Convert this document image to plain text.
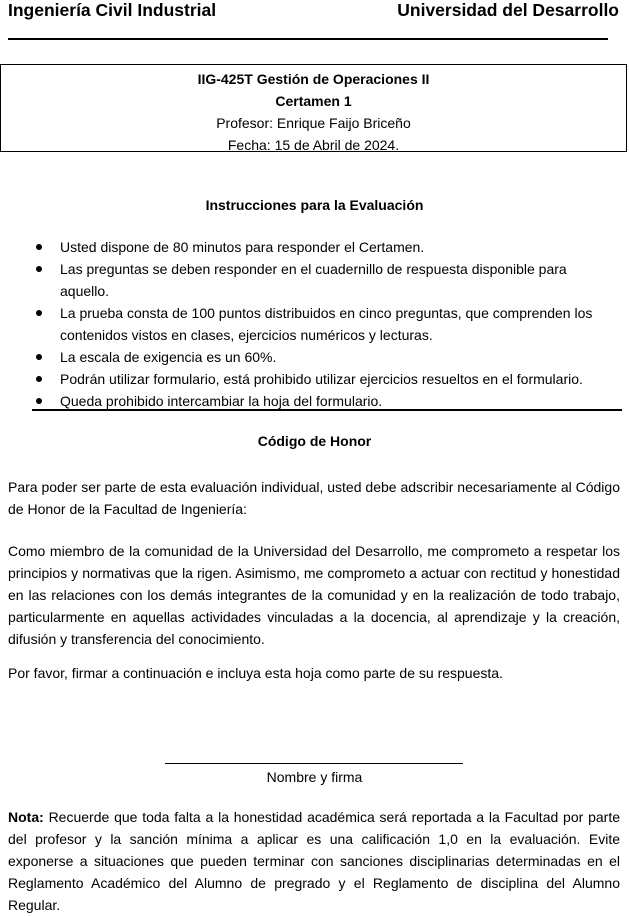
Ingeniería Civil Industrial	Universidad del Desarrollo
IIG-425T Gestión de Operaciones II
Certamen 1
Profesor: Enrique Faijo Briceño
Fecha: 15 de Abril de 2024.
Instrucciones para la Evaluación
Usted dispone de 80 minutos para responder el Certamen.
Las preguntas se deben responder en el cuadernillo de respuesta disponible para aquello.
La prueba consta de 100 puntos distribuidos en cinco preguntas, que comprenden los contenidos vistos en clases, ejercicios numéricos y lecturas.
La escala de exigencia es un 60%.
Podrán utilizar formulario, está prohibido utilizar ejercicios resueltos en el formulario.
Queda prohibido intercambiar la hoja del formulario.
Código de Honor

Para poder ser parte de esta evaluación individual, usted debe adscribir necesariamente al Código de Honor de la Facultad de Ingeniería:

Como miembro de la comunidad de la Universidad del Desarrollo, me comprometo a respetar los principios y normativas que la rigen. Asimismo, me comprometo a actuar con rectitud y honestidad en las relaciones con los demás integrantes de la comunidad y en la realización de todo trabajo, particularmente en aquellas actividades vinculadas a la docencia, al aprendizaje y la creación, difusión y transferencia del conocimiento.

Por favor, firmar a continuación e incluya esta hoja como parte de su respuesta.

Nombre y firma

Nota: Recuerde que toda falta a la honestidad académica será reportada a la Facultad por parte del profesor y la sanción mínima a aplicar es una calificación 1,0 en la evaluación. Evite exponerse a situaciones que pueden terminar con sanciones disciplinarias determinadas en el Reglamento Académico del Alumno de pregrado y el Reglamento de disciplina del Alumno Regular.
